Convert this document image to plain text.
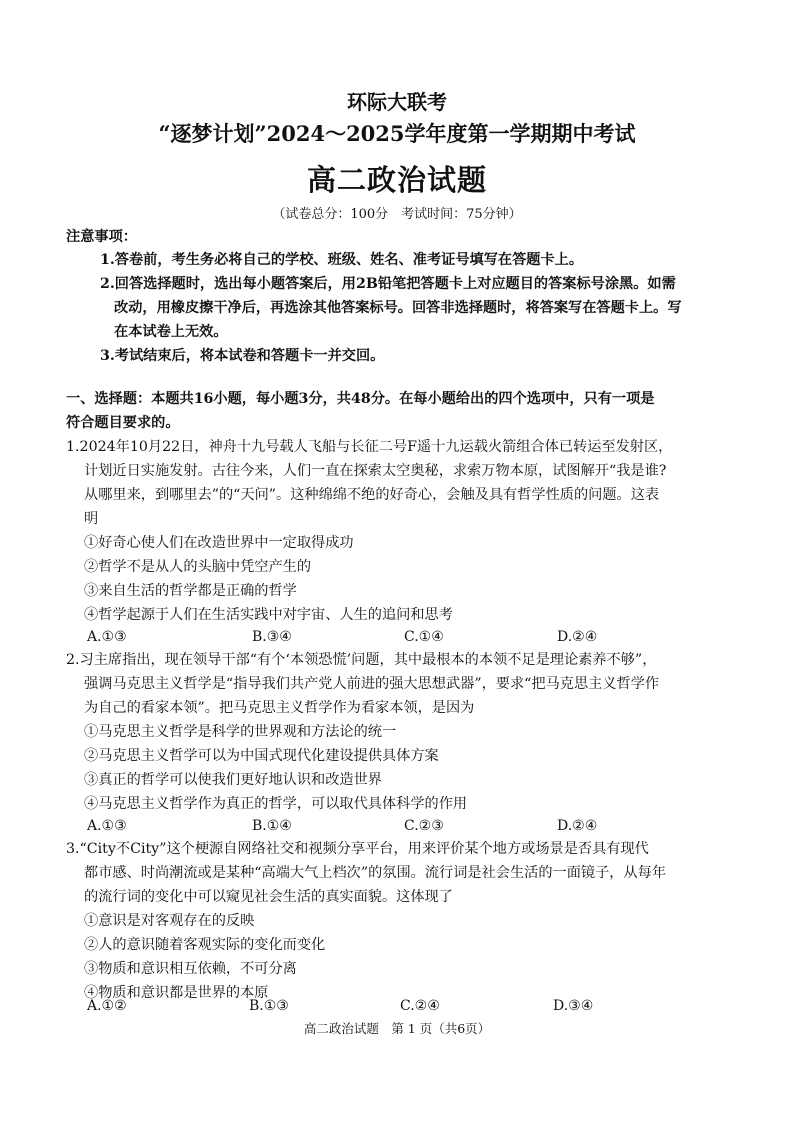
环际大联考
“逐梦计划”2024～2025学年度第一学期期中考试
高二政治试题
（试卷总分：100分　考试时间：75分钟）
注意事项：
1.答卷前，考生务必将自己的学校、班级、姓名、准考证号填写在答题卡上。
2.回答选择题时，选出每小题答案后，用2B铅笔把答题卡上对应题目的答案标号涂黑。如需
改动，用橡皮擦干净后，再选涂其他答案标号。回答非选择题时，将答案写在答题卡上。写
在本试卷上无效。
3.考试结束后，将本试卷和答题卡一并交回。
一、选择题：本题共16小题，每小题3分，共48分。在每小题给出的四个选项中，只有一项是
符合题目要求的。
1.2024年10月22日，神舟十九号载人飞船与长征二号F遥十九运载火箭组合体已转运至发射区，
计划近日实施发射。古往今来，人们一直在探索太空奥秘，求索万物本原，试图解开“我是谁?
从哪里来，到哪里去”的“天问”。这种绵绵不绝的好奇心，会触及具有哲学性质的问题。这表
明
①好奇心使人们在改造世界中一定取得成功
②哲学不是从人的头脑中凭空产生的
③来自生活的哲学都是正确的哲学
④哲学起源于人们在生活实践中对宇宙、人生的追问和思考
A.①③	B.③④	C.①④	D.②④
2.习主席指出，现在领导干部“有个‘本领恐慌’问题，其中最根本的本领不足是理论素养不够”，
强调马克思主义哲学是“指导我们共产党人前进的强大思想武器”，要求“把马克思主义哲学作
为自己的看家本领”。把马克思主义哲学作为看家本领，是因为
①马克思主义哲学是科学的世界观和方法论的统一
②马克思主义哲学可以为中国式现代化建设提供具体方案
③真正的哲学可以使我们更好地认识和改造世界
④马克思主义哲学作为真正的哲学，可以取代具体科学的作用
A.①③	B.①④	C.②③	D.②④
3.“City不City”这个梗源自网络社交和视频分享平台，用来评价某个地方或场景是否具有现代
都市感、时尚潮流或是某种“高端大气上档次”的氛围。流行词是社会生活的一面镜子，从每年
的流行词的变化中可以窥见社会生活的真实面貌。这体现了
①意识是对客观存在的反映
②人的意识随着客观实际的变化而变化
③物质和意识相互依赖，不可分离
④物质和意识都是世界的本原
A.①②	B.①③	C.②④	D.③④
高二政治试题　第 1 页（共6页）
